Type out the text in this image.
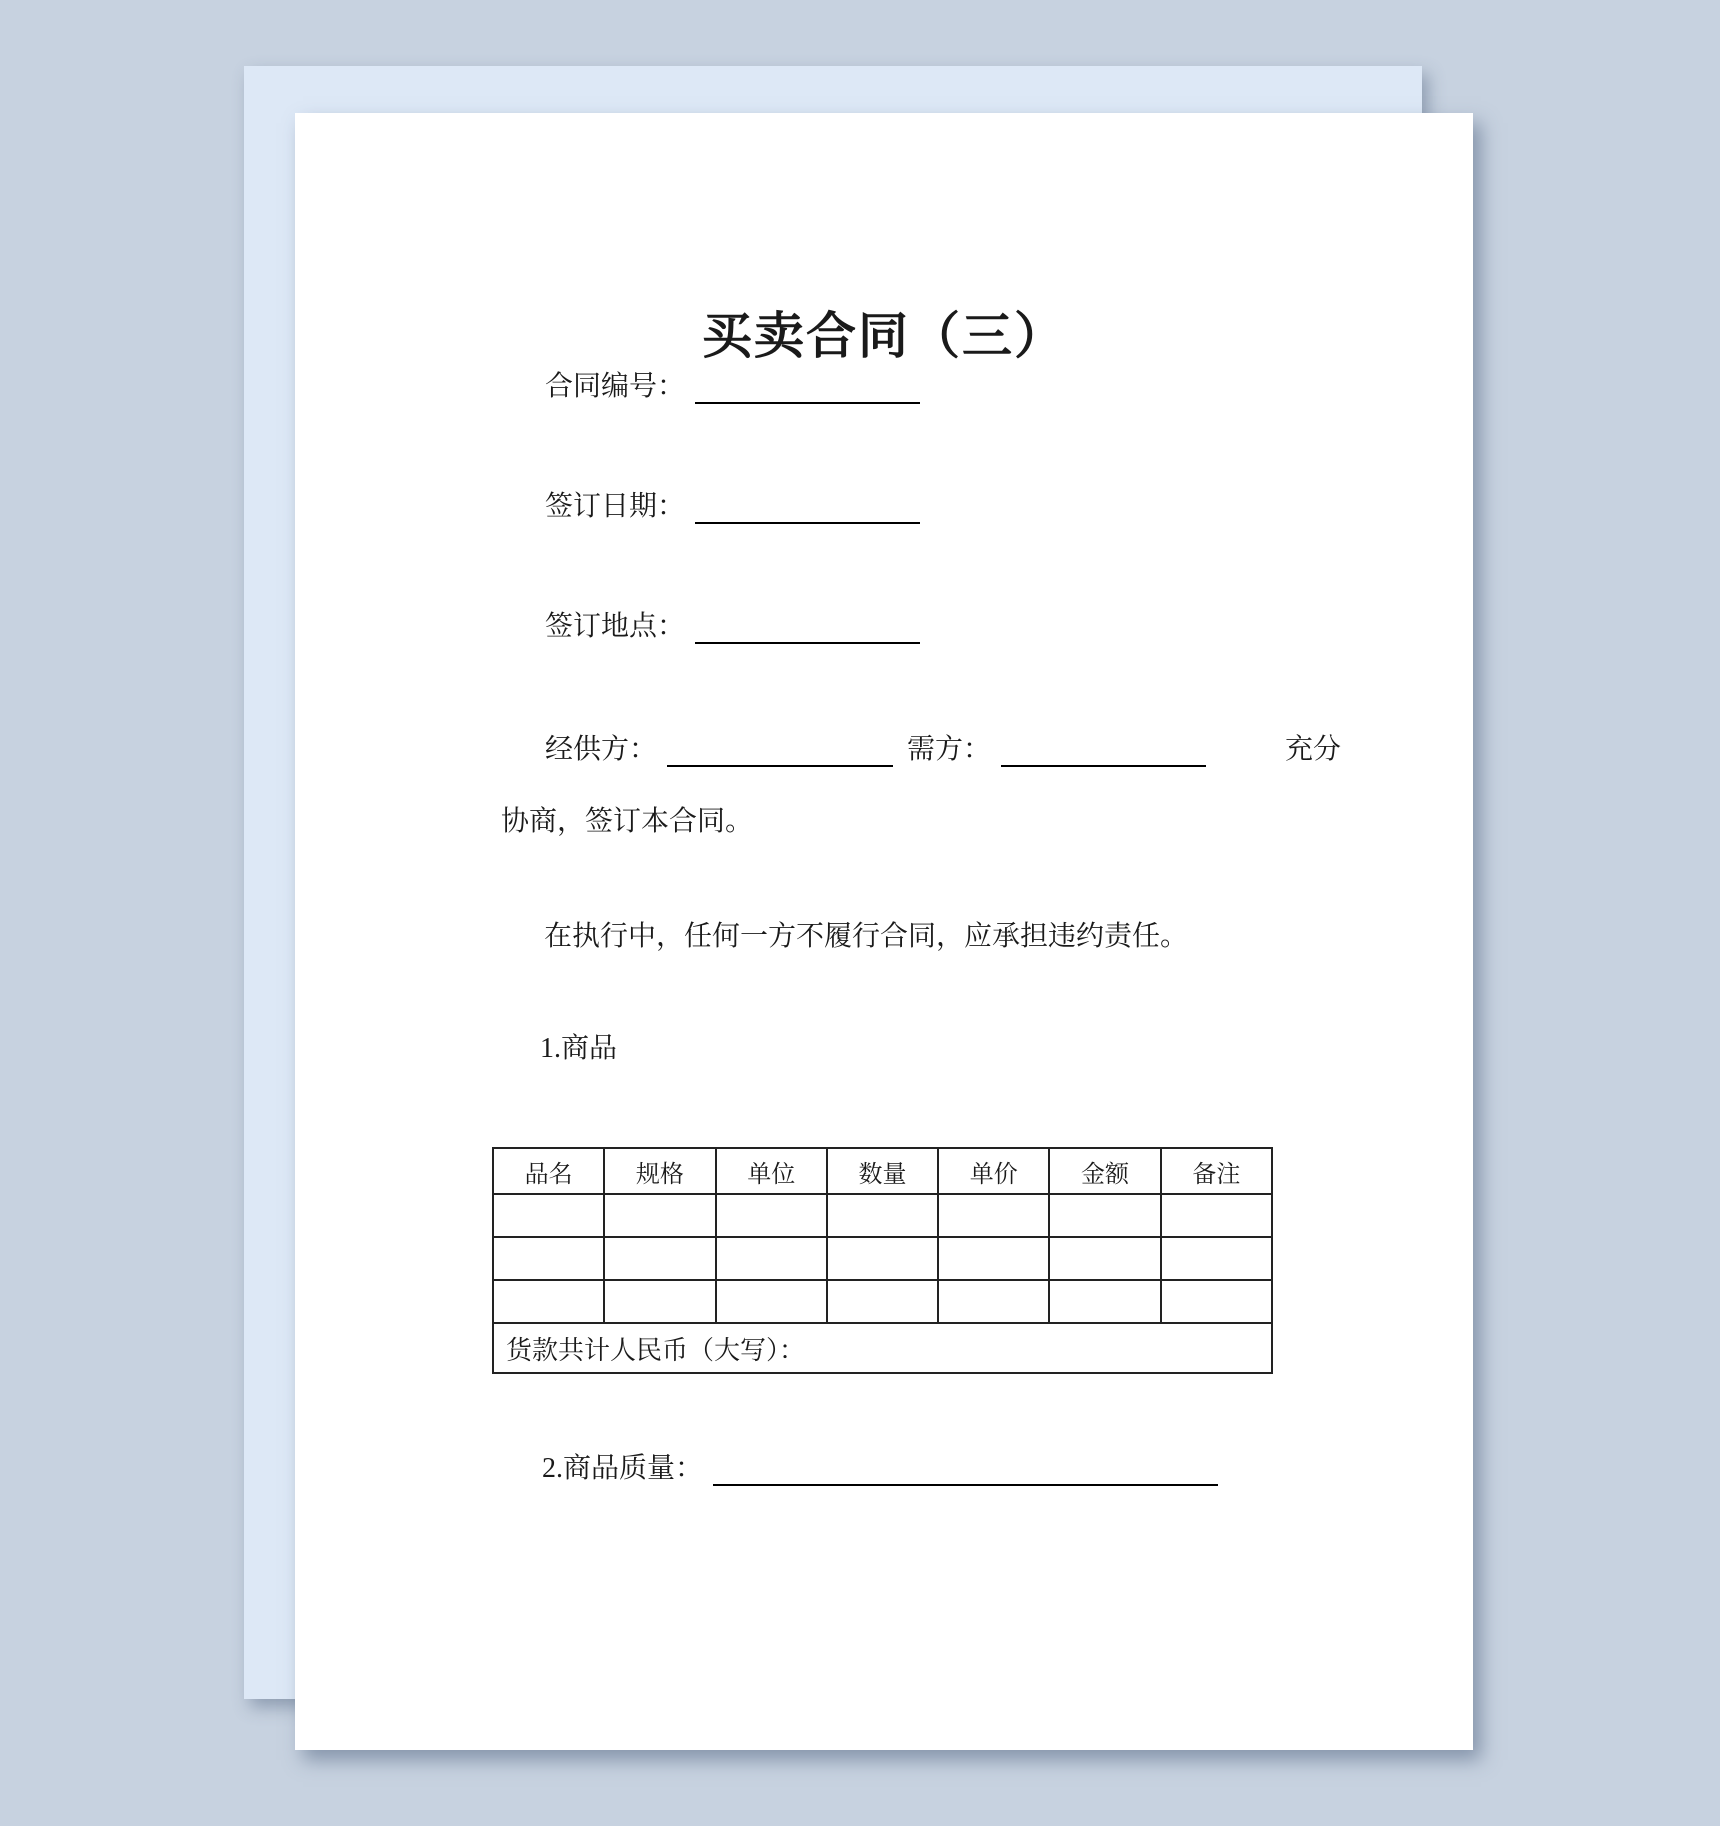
买卖合同（三）
合同编号：
签订日期：
签订地点：
经供方：	需方：	充分
协商，签订本合同。
在执行中，任何一方不履行合同，应承担违约责任。
1.商品
品名	规格	单位	数量	单价	金额	备注

货款共计人民币（大写）：						
2.商品质量：
